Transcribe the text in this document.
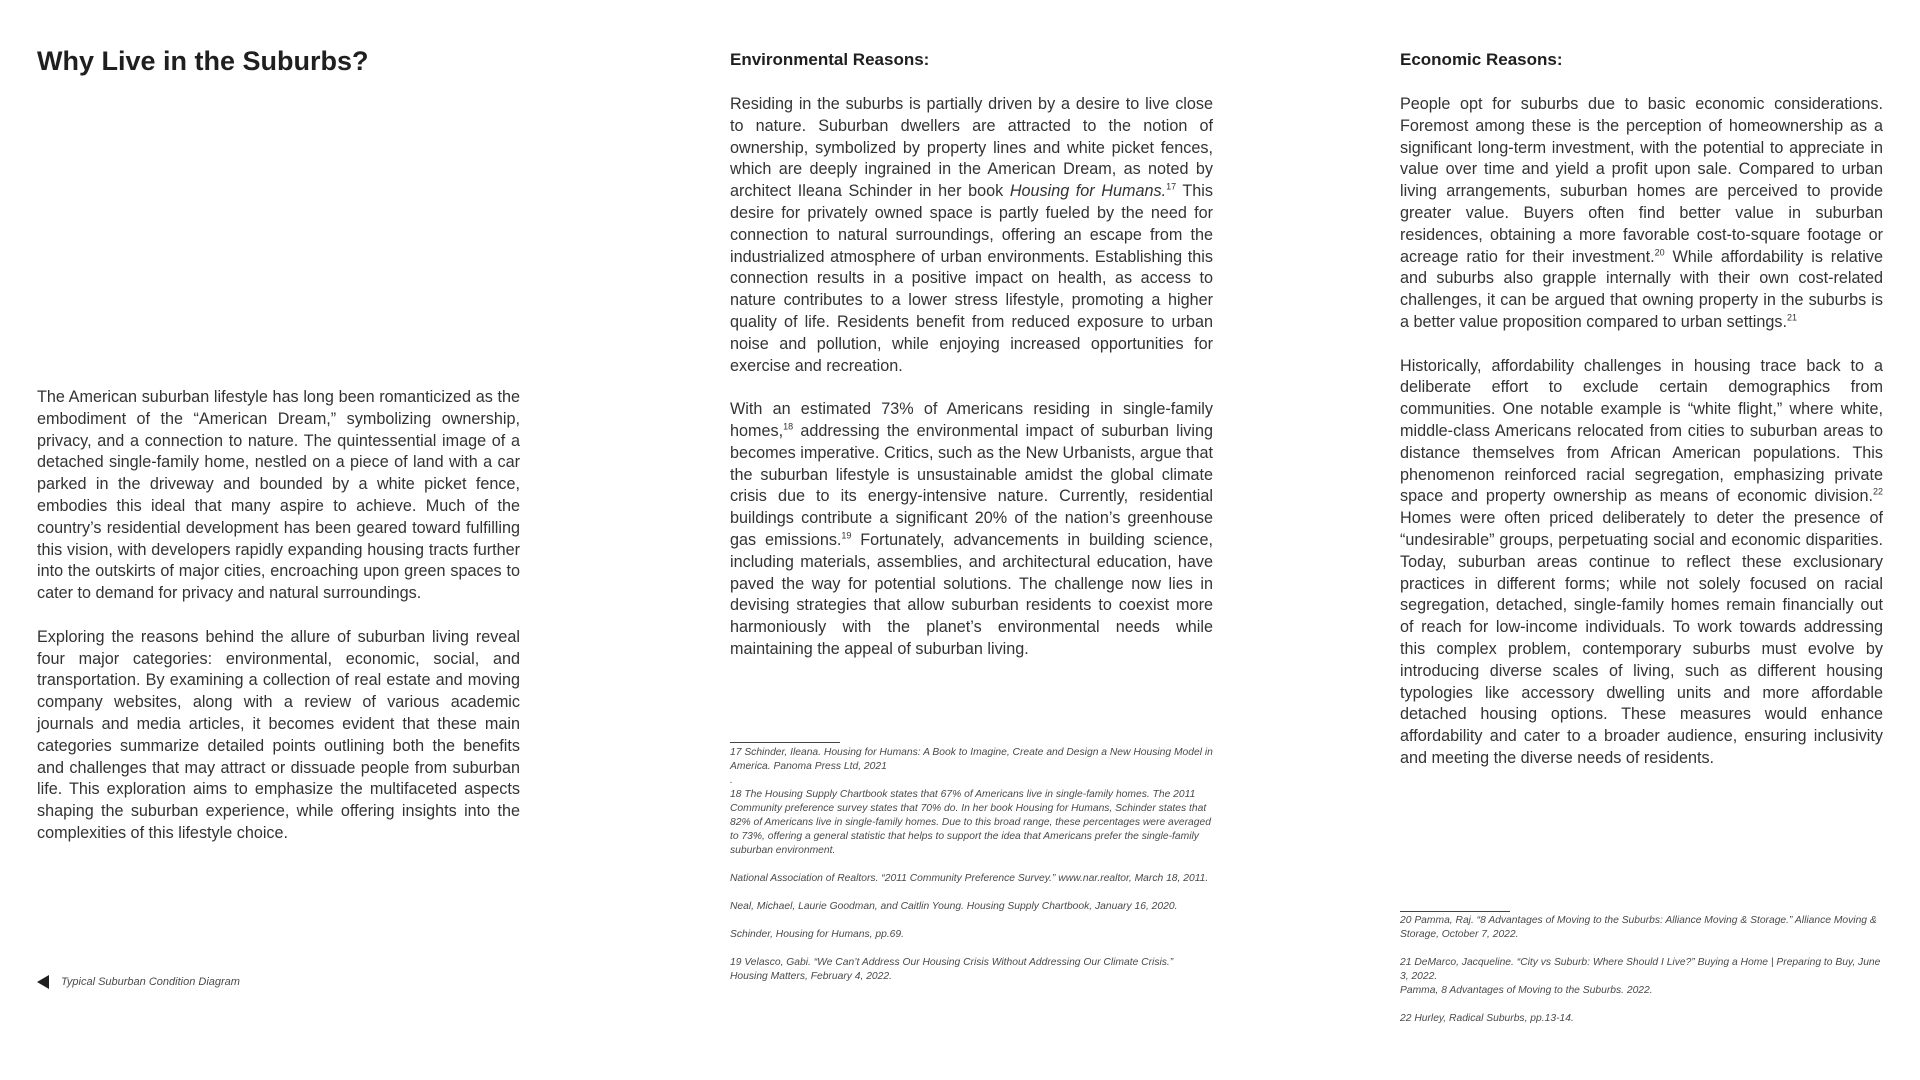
Why Live in the Suburbs?

The American suburban lifestyle has long been romanticized as the embodiment of the “American Dream,” symbolizing ownership, privacy, and a connection to nature. The quintessential image of a detached single-family home, nestled on a piece of land with a car parked in the driveway and bounded by a white picket fence, embodies this ideal that many aspire to achieve. Much of the country’s residential development has been geared toward fulfilling this vision, with developers rapidly expanding housing tracts further into the outskirts of major cities, encroaching upon green spaces to cater to demand for privacy and natural surroundings.

Exploring the reasons behind the allure of suburban living reveal four major categories: environmental, economic, social, and transportation. By examining a collection of real estate and moving company websites, along with a review of various academic journals and media articles, it becomes evident that these main categories summarize detailed points outlining both the benefits and challenges that may attract or dissuade people from suburban life. This exploration aims to emphasize the multifaceted aspects shaping the suburban experience, while offering insights into the complexities of this lifestyle choice.

Typical Suburban Condition Diagram
Environmental Reasons:

Residing in the suburbs is partially driven by a desire to live close to nature. Suburban dwellers are attracted to the notion of ownership, symbolized by property lines and white picket fences, which are deeply ingrained in the American Dream, as noted by architect Ileana Schinder in her book Housing for Humans.$^{17}$ This desire for privately owned space is partly fueled by the need for connection to natural surroundings, offering an escape from the industrialized atmosphere of urban environments. Establishing this connection results in a positive impact on health, as access to nature contributes to a lower stress lifestyle, promoting a higher quality of life. Residents benefit from reduced exposure to urban noise and pollution, while enjoying increased opportunities for exercise and recreation.

With an estimated 73% of Americans residing in single-family homes,$^{18}$ addressing the environmental impact of suburban living becomes imperative. Critics, such as the New Urbanists, argue that the suburban lifestyle is unsustainable amidst the global climate crisis due to its energy-intensive nature. Currently, residential buildings contribute a significant 20% of the nation’s greenhouse gas emissions.$^{19}$ Fortunately, advancements in building science, including materials, assemblies, and architectural education, have paved the way for potential solutions. The challenge now lies in devising strategies that allow suburban residents to coexist more harmoniously with the planet’s environmental needs while maintaining the appeal of suburban living.

17 Schinder, Ileana. Housing for Humans: A Book to Imagine, Create and Design a New Housing Model in America. Panoma Press Ltd, 2021

.

18 The Housing Supply Chartbook states that 67% of Americans live in single-family homes. The 2011 Community preference survey states that 70% do. In her book Housing for Humans, Schinder states that 82% of Americans live in single-family homes. Due to this broad range, these percentages were averaged to 73%, offering a general statistic that helps to support the idea that Americans prefer the single-family suburban environment.

National Association of Realtors. “2011 Community Preference Survey.” www.nar.realtor, March 18, 2011.

Neal, Michael, Laurie Goodman, and Caitlin Young. Housing Supply Chartbook, January 16, 2020.

Schinder, Housing for Humans, pp.69.

19 Velasco, Gabi. “We Can’t Address Our Housing Crisis Without Addressing Our Climate Crisis.” Housing Matters, February 4, 2022.

Economic Reasons:

People opt for suburbs due to basic economic considerations. Foremost among these is the perception of homeownership as a significant long-term investment, with the potential to appreciate in value over time and yield a profit upon sale. Compared to urban living arrangements, suburban homes are perceived to provide greater value. Buyers often find better value in suburban residences, obtaining a more favorable cost-to-square footage or acreage ratio for their investment.$^{20}$ While affordability is relative and suburbs also grapple internally with their own cost-related challenges, it can be argued that owning property in the suburbs is a better value proposition compared to urban settings.$^{21}$

Historically, affordability challenges in housing trace back to a deliberate effort to exclude certain demographics from communities. One notable example is “white flight,” where white, middle-class Americans relocated from cities to suburban areas to distance themselves from African American populations. This phenomenon reinforced racial segregation, emphasizing private space and property ownership as means of economic division.$^{22}$ Homes were often priced deliberately to deter the presence of “undesirable” groups, perpetuating social and economic disparities. Today, suburban areas continue to reflect these exclusionary practices in different forms; while not solely focused on racial segregation, detached, single-family homes remain financially out of reach for low-income individuals. To work towards addressing this complex problem, contemporary suburbs must evolve by introducing diverse scales of living, such as different housing typologies like accessory dwelling units and more affordable detached housing options. These measures would enhance affordability and cater to a broader audience, ensuring inclusivity and meeting the diverse needs of residents.

20 Pamma, Raj. “8 Advantages of Moving to the Suburbs: Alliance Moving & Storage.” Alliance Moving & Storage, October 7, 2022.

21 DeMarco, Jacqueline. “City vs Suburb: Where Should I Live?” Buying a Home | Preparing to Buy, June 3, 2022.

Pamma, 8 Advantages of Moving to the Suburbs. 2022.

22 Hurley, Radical Suburbs, pp.13-14.
